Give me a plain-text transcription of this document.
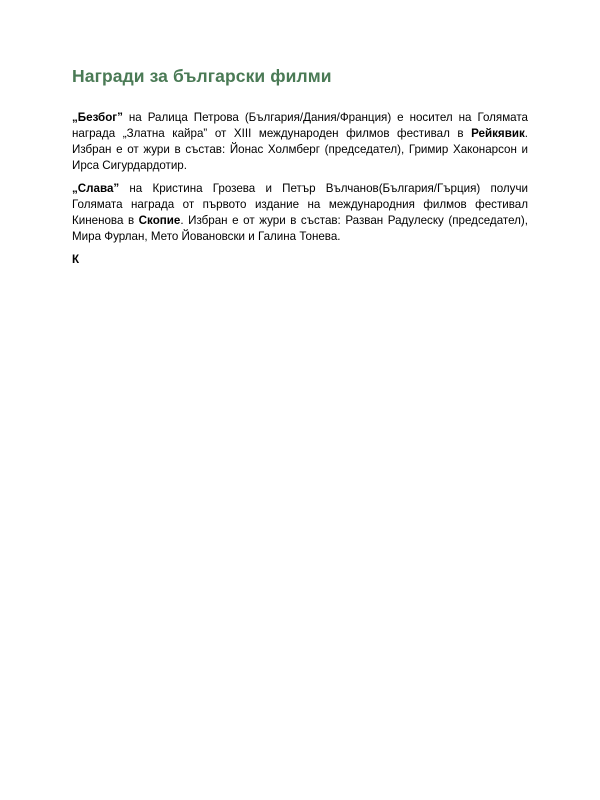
Награди за български филми

„Безбог” на Ралица Петрова (България/Дания/Франция) е носител на Голямата награда „Златна кайра” от XIII международен филмов фестивал в Рейкявик. Избран е от жури в състав: Йонас Холмберг (председател), Гримир Хаконарсон и Ирса Сигурдардотир.

„Слава” на Кристина Грозева и Петър Вълчанов(България/Гърция) получи Голямата награда от първото издание на международния филмов фестивал Киненова в Скопие. Избран е от жури в състав: Разван Радулеску (председател), Мира Фурлан, Мето Йовановски и Галина Тонева.

К
